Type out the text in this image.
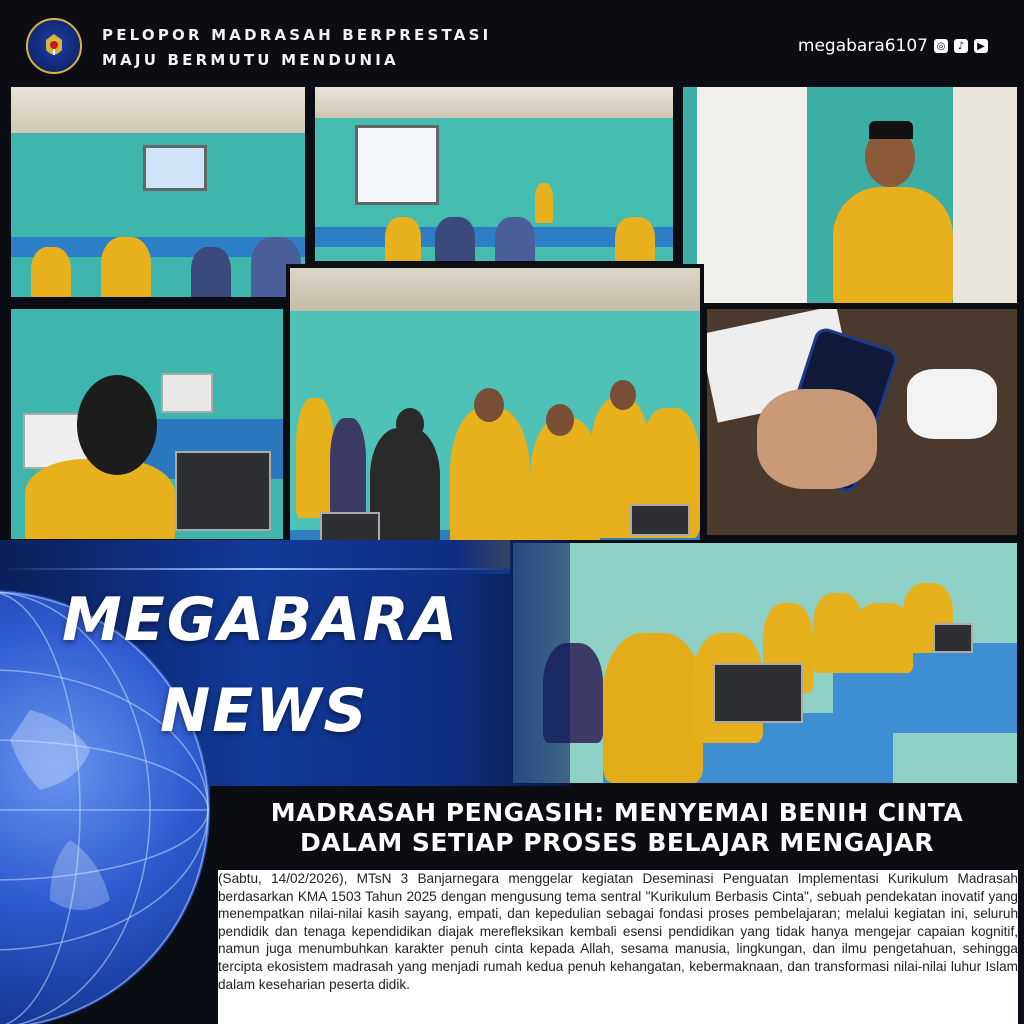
PELOPOR MADRASAH BERPRESTASI
MAJU BERMUTU MENDUNIA
megabara6107 ◎	♪	▶
MEGABARA
NEWS
MADRASAH PENGASIH: MENYEMAI BENIH CINTA
DALAM SETIAP PROSES BELAJAR MENGAJAR
(Sabtu, 14/02/2026), MTsN 3 Banjarnegara menggelar kegiatan Deseminasi Penguatan Implementasi Kurikulum Madrasah berdasarkan KMA 1503 Tahun 2025 dengan mengusung tema sentral "Kurikulum Berbasis Cinta", sebuah pendekatan inovatif yang menempatkan nilai-nilai kasih sayang, empati, dan kepedulian sebagai fondasi proses pembelajaran; melalui kegiatan ini, seluruh pendidik dan tenaga kependidikan diajak merefleksikan kembali esensi pendidikan yang tidak hanya mengejar capaian kognitif, namun juga menumbuhkan karakter penuh cinta kepada Allah, sesama manusia, lingkungan, dan ilmu pengetahuan, sehingga tercipta ekosistem madrasah yang menjadi rumah kedua penuh kehangatan, kebermaknaan, dan transformasi nilai-nilai luhur Islam dalam keseharian peserta didik.
